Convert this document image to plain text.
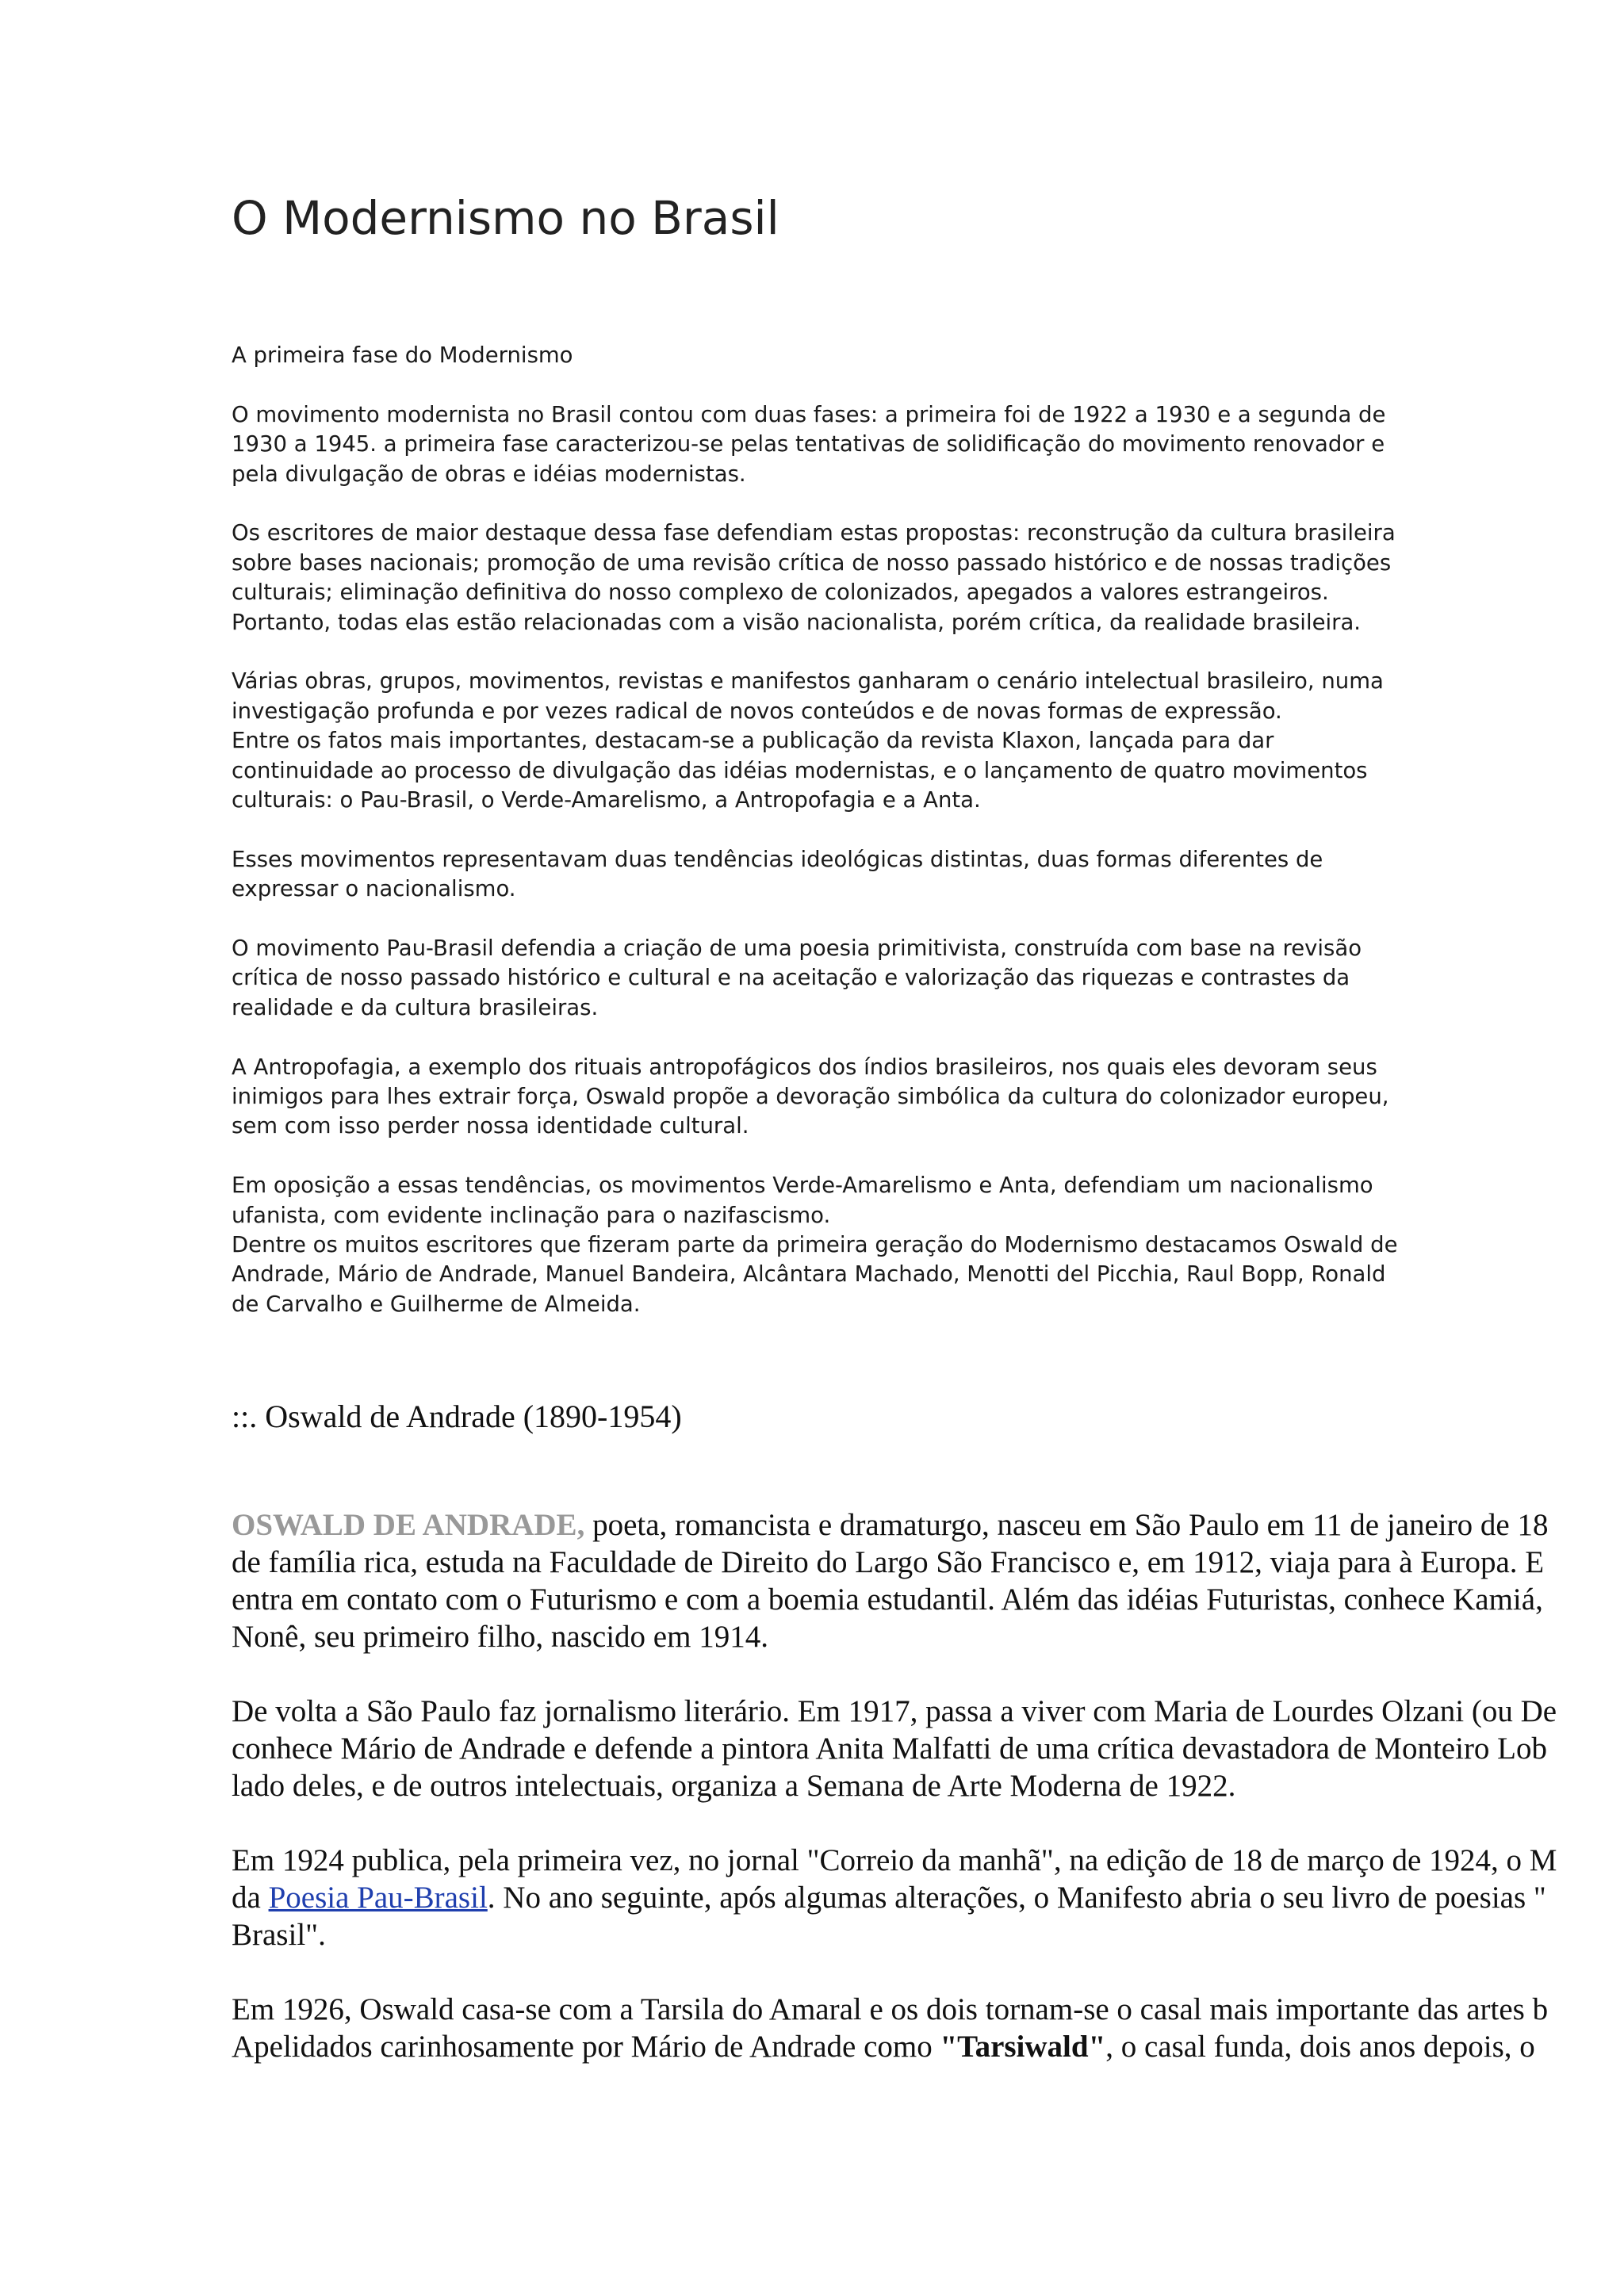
O Modernismo no Brasil

A primeira fase do Modernismo

O movimento modernista no Brasil contou com duas fases: a primeira foi de 1922 a 1930 e a segunda de
1930 a 1945. a primeira fase caracterizou-se pelas tentativas de solidificação do movimento renovador e
pela divulgação de obras e idéias modernistas.

Os escritores de maior destaque dessa fase defendiam estas propostas: reconstrução da cultura brasileira
sobre bases nacionais; promoção de uma revisão crítica de nosso passado histórico e de nossas tradições
culturais; eliminação definitiva do nosso complexo de colonizados, apegados a valores estrangeiros.
Portanto, todas elas estão relacionadas com a visão nacionalista, porém crítica, da realidade brasileira.

Várias obras, grupos, movimentos, revistas e manifestos ganharam o cenário intelectual brasileiro, numa
investigação profunda e por vezes radical de novos conteúdos e de novas formas de expressão.
Entre os fatos mais importantes, destacam-se a publicação da revista Klaxon, lançada para dar
continuidade ao processo de divulgação das idéias modernistas, e o lançamento de quatro movimentos
culturais: o Pau-Brasil, o Verde-Amarelismo, a Antropofagia e a Anta.

Esses movimentos representavam duas tendências ideológicas distintas, duas formas diferentes de
expressar o nacionalismo.

O movimento Pau-Brasil defendia a criação de uma poesia primitivista, construída com base na revisão
crítica de nosso passado histórico e cultural e na aceitação e valorização das riquezas e contrastes da
realidade e da cultura brasileiras.

A Antropofagia, a exemplo dos rituais antropofágicos dos índios brasileiros, nos quais eles devoram seus
inimigos para lhes extrair força, Oswald propõe a devoração simbólica da cultura do colonizador europeu,
sem com isso perder nossa identidade cultural.

Em oposição a essas tendências, os movimentos Verde-Amarelismo e Anta, defendiam um nacionalismo
ufanista, com evidente inclinação para o nazifascismo.
Dentre os muitos escritores que fizeram parte da primeira geração do Modernismo destacamos Oswald de
Andrade, Mário de Andrade, Manuel Bandeira, Alcântara Machado, Menotti del Picchia, Raul Bopp, Ronald
de Carvalho e Guilherme de Almeida.

::. Oswald de Andrade (1890-1954)

OSWALD DE ANDRADE, poeta, romancista e dramaturgo, nasceu em São Paulo em 11 de janeiro de 18
de família rica, estuda na Faculdade de Direito do Largo São Francisco e, em 1912, viaja para à Europa. E
entra em contato com o Futurismo e com a boemia estudantil. Além das idéias Futuristas, conhece Kamiá,
Nonê, seu primeiro filho, nascido em 1914.

De volta a São Paulo faz jornalismo literário. Em 1917, passa a viver com Maria de Lourdes Olzani (ou De
conhece Mário de Andrade e defende a pintora Anita Malfatti de uma crítica devastadora de Monteiro Lob
lado deles, e de outros intelectuais, organiza a Semana de Arte Moderna de 1922.

Em 1924 publica, pela primeira vez, no jornal "Correio da manhã", na edição de 18 de março de 1924, o M
da Poesia Pau-Brasil. No ano seguinte, após algumas alterações, o Manifesto abria o seu livro de poesias "
Brasil".

Em 1926, Oswald casa-se com a Tarsila do Amaral e os dois tornam-se o casal mais importante das artes b
Apelidados carinhosamente por Mário de Andrade como "Tarsiwald", o casal funda, dois anos depois, o
